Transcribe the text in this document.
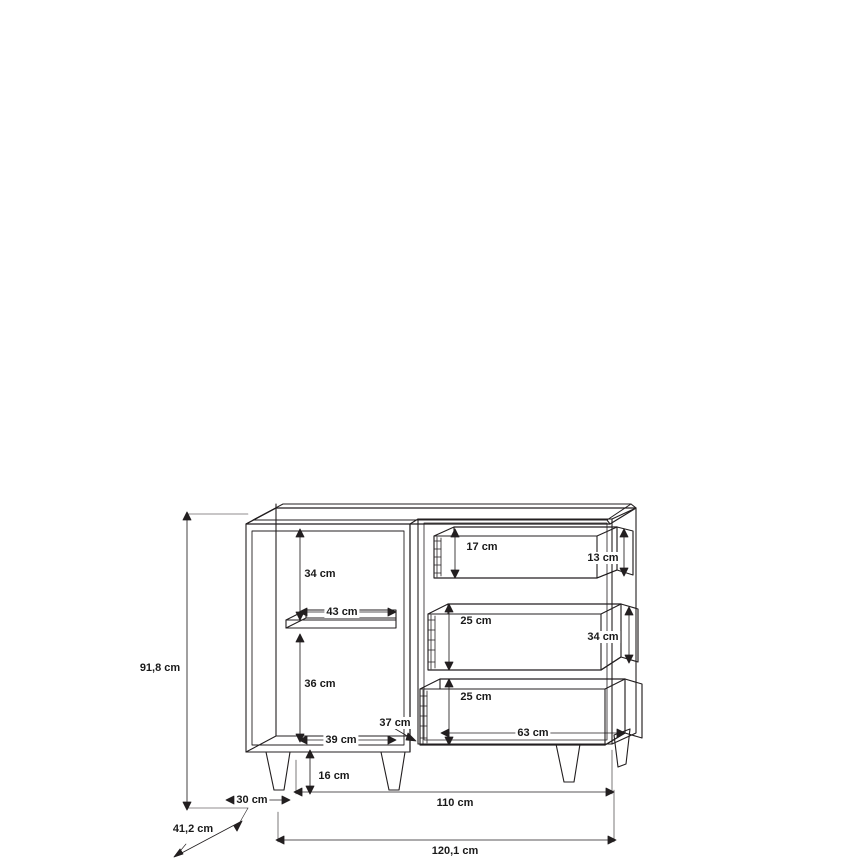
91,8 cm
34 cm
43 cm
36 cm
39 cm
37 cm
16 cm
30 cm	110 cm
41,2 cm
120,1 cm
17 cm
13 cm
25 cm
34 cm
25 cm
63 cm
